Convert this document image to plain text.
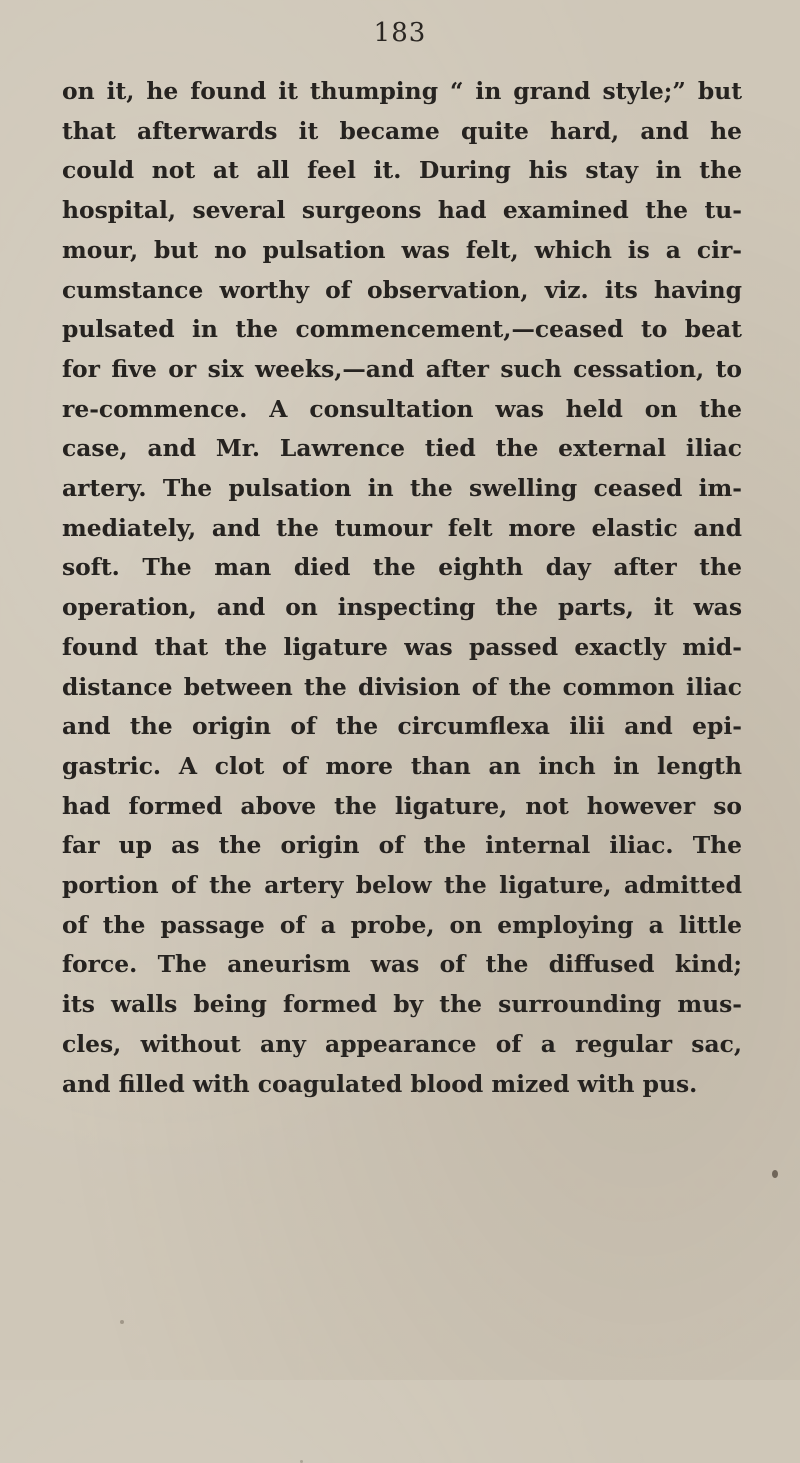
183
on it, he found it thumping “ in grand style;” but
that afterwards it became quite hard, and he
could not at all feel it. During his stay in the
hospital, several surgeons had examined the tu-
mour, but no pulsation was felt, which is a cir-
cumstance worthy of observation, viz. its having
pulsated in the commencement,—ceased to beat
for five or six weeks,—and after such cessation, to
re-commence. A consultation was held on the
case, and Mr. Lawrence tied the external iliac
artery. The pulsation in the swelling ceased im-
mediately, and the tumour felt more elastic and
soft. The man died the eighth day after the
operation, and on inspecting the parts, it was
found that the ligature was passed exactly mid-
distance between the division of the common iliac
and the origin of the circumflexa ilii and epi-
gastric. A clot of more than an inch in length
had formed above the ligature, not however so
far up as the origin of the internal iliac. The
portion of the artery below the ligature, admitted
of the passage of a probe, on employing a little
force. The aneurism was of the diffused kind;
its walls being formed by the surrounding mus-
cles, without any appearance of a regular sac,
and filled with coagulated blood mized with pus.
